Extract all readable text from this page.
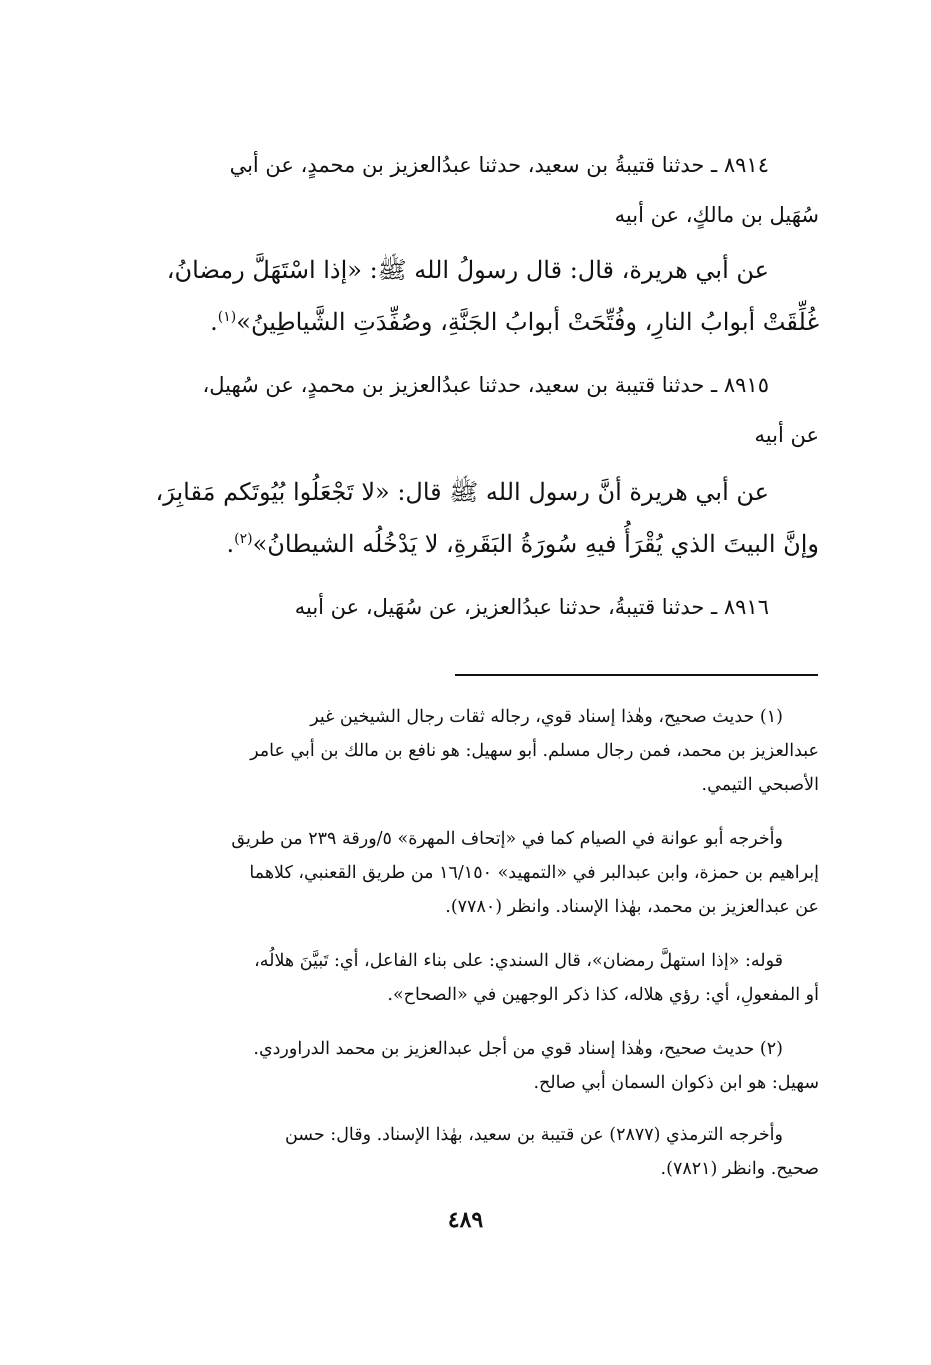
٨٩١٤ ـ حدثنا قتيبةُ بن سعيد، حدثنا عبدُالعزيز بن محمدٍ، عن أبي
سُهَيل بن مالكٍ، عن أبيه

عن أبي هريرة، قال: قال رسولُ الله ﷺ: «إذا اسْتَهَلَّ رمضانُ،
غُلِّقَتْ أبوابُ النارِ، وفُتِّحَتْ أبوابُ الجَنَّةِ، وصُفِّدَتِ الشَّياطِينُ»$^{(١)}$.

٨٩١٥ ـ حدثنا قتيبة بن سعيد، حدثنا عبدُالعزيز بن محمدٍ، عن سُهيل،
عن أبيه

عن أبي هريرة أنَّ رسول الله ﷺ قال: «لا تَجْعَلُوا بُيُوتَكم مَقابِرَ،
وإنَّ البيتَ الذي يُقْرَأُ فيهِ سُورَةُ البَقَرةِ، لا يَدْخُلُه الشيطانُ»$^{(٢)}$.

٨٩١٦ ـ حدثنا قتيبةُ، حدثنا عبدُالعزيز، عن سُهَيل، عن أبيه

(١) حديث صحيح، وهٰذا إسناد قوي، رجاله ثقات رجال الشيخين غير
عبدالعزيز بن محمد، فمن رجال مسلم. أبو سهيل: هو نافع بن مالك بن أبي عامر
الأصبحي التيمي.

وأخرجه أبو عوانة في الصيام كما في «إتحاف المهرة» ٥/ورقة ٢٣٩ من طريق
إبراهيم بن حمزة، وابن عبدالبر في «التمهيد» ١٦/١٥٠ من طريق القعنبي، كلاهما
عن عبدالعزيز بن محمد، بهٰذا الإسناد. وانظر (٧٧٨٠).

قوله: «إذا استهلَّ رمضان»، قال السندي: على بناء الفاعل، أي: تَبيَّنَ هلالُه،
أو المفعولِ، أي: رؤي هلاله، كذا ذكر الوجهين في «الصحاح».

(٢) حديث صحيح، وهٰذا إسناد قوي من أجل عبدالعزيز بن محمد الدراوردي.
سهيل: هو ابن ذكوان السمان أبي صالح.

وأخرجه الترمذي (٢٨٧٧) عن قتيبة بن سعيد، بهٰذا الإسناد. وقال: حسن
صحيح. وانظر (٧٨٢١).

٤٨٩
